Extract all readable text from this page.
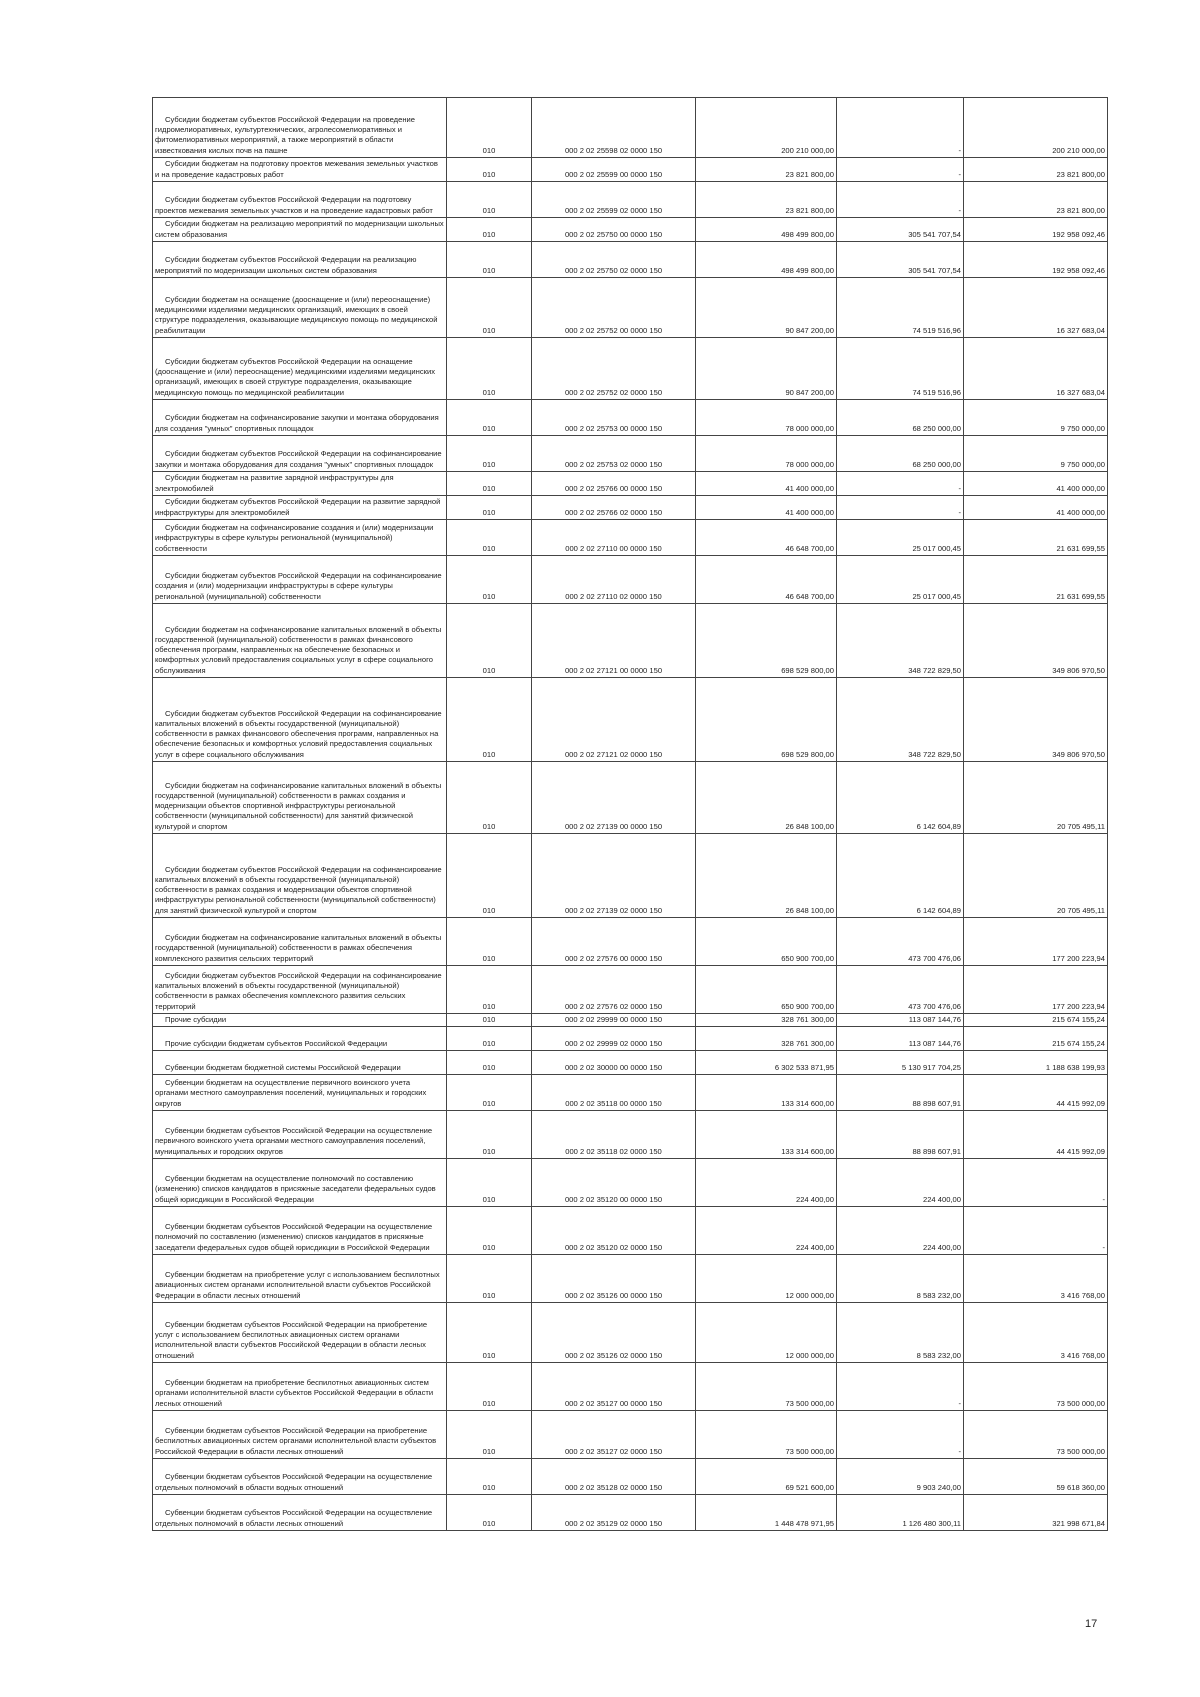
Субсидии бюджетам субъектов Российской Федерации на проведение гидромелиоративных, культуртехнических, агролесомелиоративных и фитомелиоративных мероприятий, а также мероприятий в области известкования кислых почв на пашне	010	000 2 02 25598 02 0000 150	200 210 000,00	-	200 210 000,00

Субсидии бюджетам на подготовку проектов межевания земельных участков и на проведение кадастровых работ	010	000 2 02 25599 00 0000 150	23 821 800,00	-	23 821 800,00

Субсидии бюджетам субъектов Российской Федерации на подготовку проектов межевания земельных участков и на проведение кадастровых работ	010	000 2 02 25599 02 0000 150	23 821 800,00	-	23 821 800,00

Субсидии бюджетам на реализацию мероприятий по модернизации школьных систем образования	010	000 2 02 25750 00 0000 150	498 499 800,00	305 541 707,54	192 958 092,46

Субсидии бюджетам субъектов Российской Федерации на реализацию мероприятий по модернизации школьных систем образования	010	000 2 02 25750 02 0000 150	498 499 800,00	305 541 707,54	192 958 092,46

Субсидии бюджетам на оснащение (дооснащение и (или) переоснащение) медицинскими изделиями медицинских организаций, имеющих в своей структуре подразделения, оказывающие медицинскую помощь по медицинской реабилитации	010	000 2 02 25752 00 0000 150	90 847 200,00	74 519 516,96	16 327 683,04

Субсидии бюджетам субъектов Российской Федерации на оснащение (дооснащение и (или) переоснащение) медицинскими изделиями медицинских организаций, имеющих в своей структуре подразделения, оказывающие медицинскую помощь по медицинской реабилитации	010	000 2 02 25752 02 0000 150	90 847 200,00	74 519 516,96	16 327 683,04

Субсидии бюджетам на софинансирование закупки и монтажа оборудования для создания "умных" спортивных площадок	010	000 2 02 25753 00 0000 150	78 000 000,00	68 250 000,00	9 750 000,00

Субсидии бюджетам субъектов Российской Федерации на софинансирование закупки и монтажа оборудования для создания "умных" спортивных площадок	010	000 2 02 25753 02 0000 150	78 000 000,00	68 250 000,00	9 750 000,00

Субсидии бюджетам на развитие зарядной инфраструктуры для электромобилей	010	000 2 02 25766 00 0000 150	41 400 000,00	-	41 400 000,00

Субсидии бюджетам субъектов Российской Федерации на развитие зарядной инфраструктуры для электромобилей	010	000 2 02 25766 02 0000 150	41 400 000,00	-	41 400 000,00

Субсидии бюджетам на софинансирование создания и (или) модернизации инфраструктуры в сфере культуры региональной (муниципальной) собственности	010	000 2 02 27110 00 0000 150	46 648 700,00	25 017 000,45	21 631 699,55

Субсидии бюджетам субъектов Российской Федерации на софинансирование создания и (или) модернизации инфраструктуры в сфере культуры региональной (муниципальной) собственности	010	000 2 02 27110 02 0000 150	46 648 700,00	25 017 000,45	21 631 699,55

Субсидии бюджетам на софинансирование капитальных вложений в объекты государственной (муниципальной) собственности в рамках финансового обеспечения программ, направленных на обеспечение безопасных и комфортных условий предоставления социальных услуг в сфере социального обслуживания	010	000 2 02 27121 00 0000 150	698 529 800,00	348 722 829,50	349 806 970,50

Субсидии бюджетам субъектов Российской Федерации на софинансирование капитальных вложений в объекты государственной (муниципальной) собственности в рамках финансового обеспечения программ, направленных на обеспечение безопасных и комфортных условий предоставления социальных услуг в сфере социального обслуживания	010	000 2 02 27121 02 0000 150	698 529 800,00	348 722 829,50	349 806 970,50

Субсидии бюджетам на софинансирование капитальных вложений в объекты государственной (муниципальной) собственности в рамках создания и модернизации объектов спортивной инфраструктуры региональной собственности (муниципальной собственности) для занятий физической культурой и спортом	010	000 2 02 27139 00 0000 150	26 848 100,00	6 142 604,89	20 705 495,11

Субсидии бюджетам субъектов Российской Федерации на софинансирование капитальных вложений в объекты государственной (муниципальной) собственности в рамках создания и модернизации объектов спортивной инфраструктуры региональной собственности (муниципальной собственности) для занятий физической культурой и спортом	010	000 2 02 27139 02 0000 150	26 848 100,00	6 142 604,89	20 705 495,11

Субсидии бюджетам на софинансирование капитальных вложений в объекты государственной (муниципальной) собственности в рамках обеспечения комплексного развития сельских территорий	010	000 2 02 27576 00 0000 150	650 900 700,00	473 700 476,06	177 200 223,94

Субсидии бюджетам субъектов Российской Федерации на софинансирование капитальных вложений в объекты государственной (муниципальной) собственности в рамках обеспечения комплексного развития сельских территорий	010	000 2 02 27576 02 0000 150	650 900 700,00	473 700 476,06	177 200 223,94

Прочие субсидии	010	000 2 02 29999 00 0000 150	328 761 300,00	113 087 144,76	215 674 155,24

Прочие субсидии бюджетам субъектов Российской Федерации	010	000 2 02 29999 02 0000 150	328 761 300,00	113 087 144,76	215 674 155,24

Субвенции бюджетам бюджетной системы Российской Федерации	010	000 2 02 30000 00 0000 150	6 302 533 871,95	5 130 917 704,25	1 188 638 199,93

Субвенции бюджетам на осуществление первичного воинского учета органами местного самоуправления поселений, муниципальных и городских округов	010	000 2 02 35118 00 0000 150	133 314 600,00	88 898 607,91	44 415 992,09

Субвенции бюджетам субъектов Российской Федерации на осуществление первичного воинского учета органами местного самоуправления поселений, муниципальных и городских округов	010	000 2 02 35118 02 0000 150	133 314 600,00	88 898 607,91	44 415 992,09

Субвенции бюджетам на осуществление полномочий по составлению (изменению) списков кандидатов в присяжные заседатели федеральных судов общей юрисдикции в Российской Федерации	010	000 2 02 35120 00 0000 150	224 400,00	224 400,00	-

Субвенции бюджетам субъектов Российской Федерации на осуществление полномочий по составлению (изменению) списков кандидатов в присяжные заседатели федеральных судов общей юрисдикции в Российской Федерации	010	000 2 02 35120 02 0000 150	224 400,00	224 400,00	-

Субвенции бюджетам на приобретение услуг с использованием беспилотных авиационных систем органами исполнительной власти субъектов Российской Федерации в области лесных отношений	010	000 2 02 35126 00 0000 150	12 000 000,00	8 583 232,00	3 416 768,00

Субвенции бюджетам субъектов Российской Федерации на приобретение услуг с использованием беспилотных авиационных систем органами исполнительной власти субъектов Российской Федерации в области лесных отношений	010	000 2 02 35126 02 0000 150	12 000 000,00	8 583 232,00	3 416 768,00

Субвенции бюджетам на приобретение беспилотных авиационных систем органами исполнительной власти субъектов Российской Федерации в области лесных отношений	010	000 2 02 35127 00 0000 150	73 500 000,00	-	73 500 000,00

Субвенции бюджетам субъектов Российской Федерации на приобретение беспилотных авиационных систем органами исполнительной власти субъектов Российской Федерации в области лесных отношений	010	000 2 02 35127 02 0000 150	73 500 000,00	-	73 500 000,00

Субвенции бюджетам субъектов Российской Федерации на осуществление отдельных полномочий в области водных отношений	010	000 2 02 35128 02 0000 150	69 521 600,00	9 903 240,00	59 618 360,00

Субвенции бюджетам субъектов Российской Федерации на осуществление отдельных полномочий в области лесных отношений	010	000 2 02 35129 02 0000 150	1 448 478 971,95	1 126 480 300,11	321 998 671,84
17
